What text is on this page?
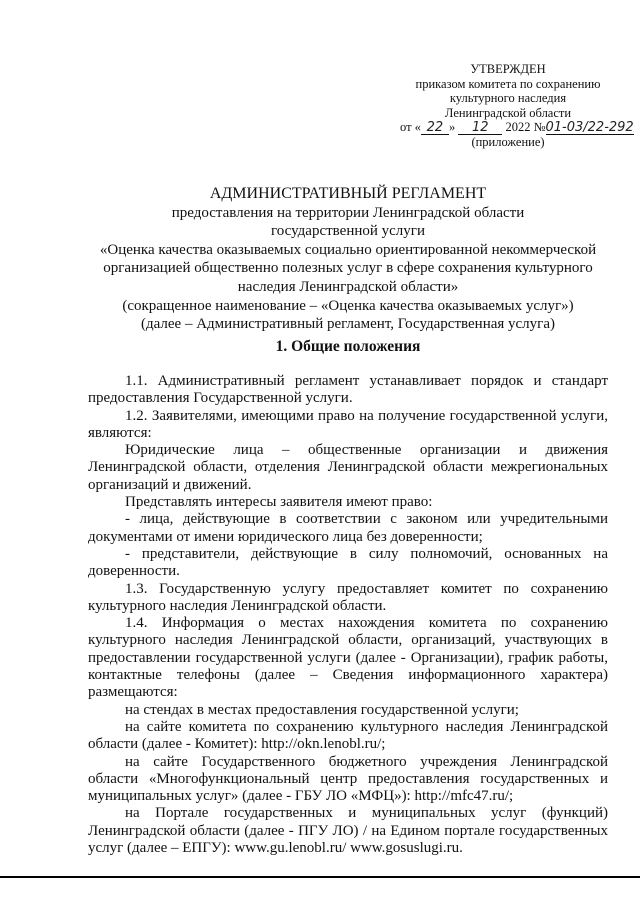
УТВЕРЖДЕН
приказом комитета по сохранению
культурного наследия
Ленинградской области
от « 22 » 12 2022 №01-03/22-292
(приложение)
АДМИНИСТРАТИВНЫЙ РЕГЛАМЕНТ
предоставления на территории Ленинградской области
государственной услуги
«Оценка качества оказываемых социально ориентированной некоммерческой организацией общественно полезных услуг в сфере сохранения культурного наследия Ленинградской области»
(сокращенное наименование – «Оценка качества оказываемых услуг»)
(далее – Административный регламент, Государственная услуга)
1. Общие положения

1.1. Административный регламент устанавливает порядок и стандарт предоставления Государственной услуги.

1.2. Заявителями, имеющими право на получение государственной услуги, являются:

Юридические лица – общественные организации и движения Ленинградской области, отделения Ленинградской области межрегиональных организаций и движений.

Представлять интересы заявителя имеют право:

- лица, действующие в соответствии с законом или учредительными документами от имени юридического лица без доверенности;

- представители, действующие в силу полномочий, основанных на доверенности.

1.3. Государственную услугу предоставляет комитет по сохранению культурного наследия Ленинградской области.

1.4. Информация о местах нахождения комитета по сохранению культурного наследия Ленинградской области, организаций, участвующих в предоставлении государственной услуги (далее - Организации), график работы, контактные телефоны (далее – Сведения информационного характера) размещаются:

на стендах в местах предоставления государственной услуги;

на сайте комитета по сохранению культурного наследия Ленинградской области (далее - Комитет): http://okn.lenobl.ru/;

на сайте Государственного бюджетного учреждения Ленинградской области «Многофункциональный центр предоставления государственных и муниципальных услуг» (далее - ГБУ ЛО «МФЦ»): http://mfc47.ru/;

на Портале государственных и муниципальных услуг (функций) Ленинградской области (далее - ПГУ ЛО) / на Едином портале государственных услуг (далее – ЕПГУ): www.gu.lenobl.ru/ www.gosuslugi.ru.
